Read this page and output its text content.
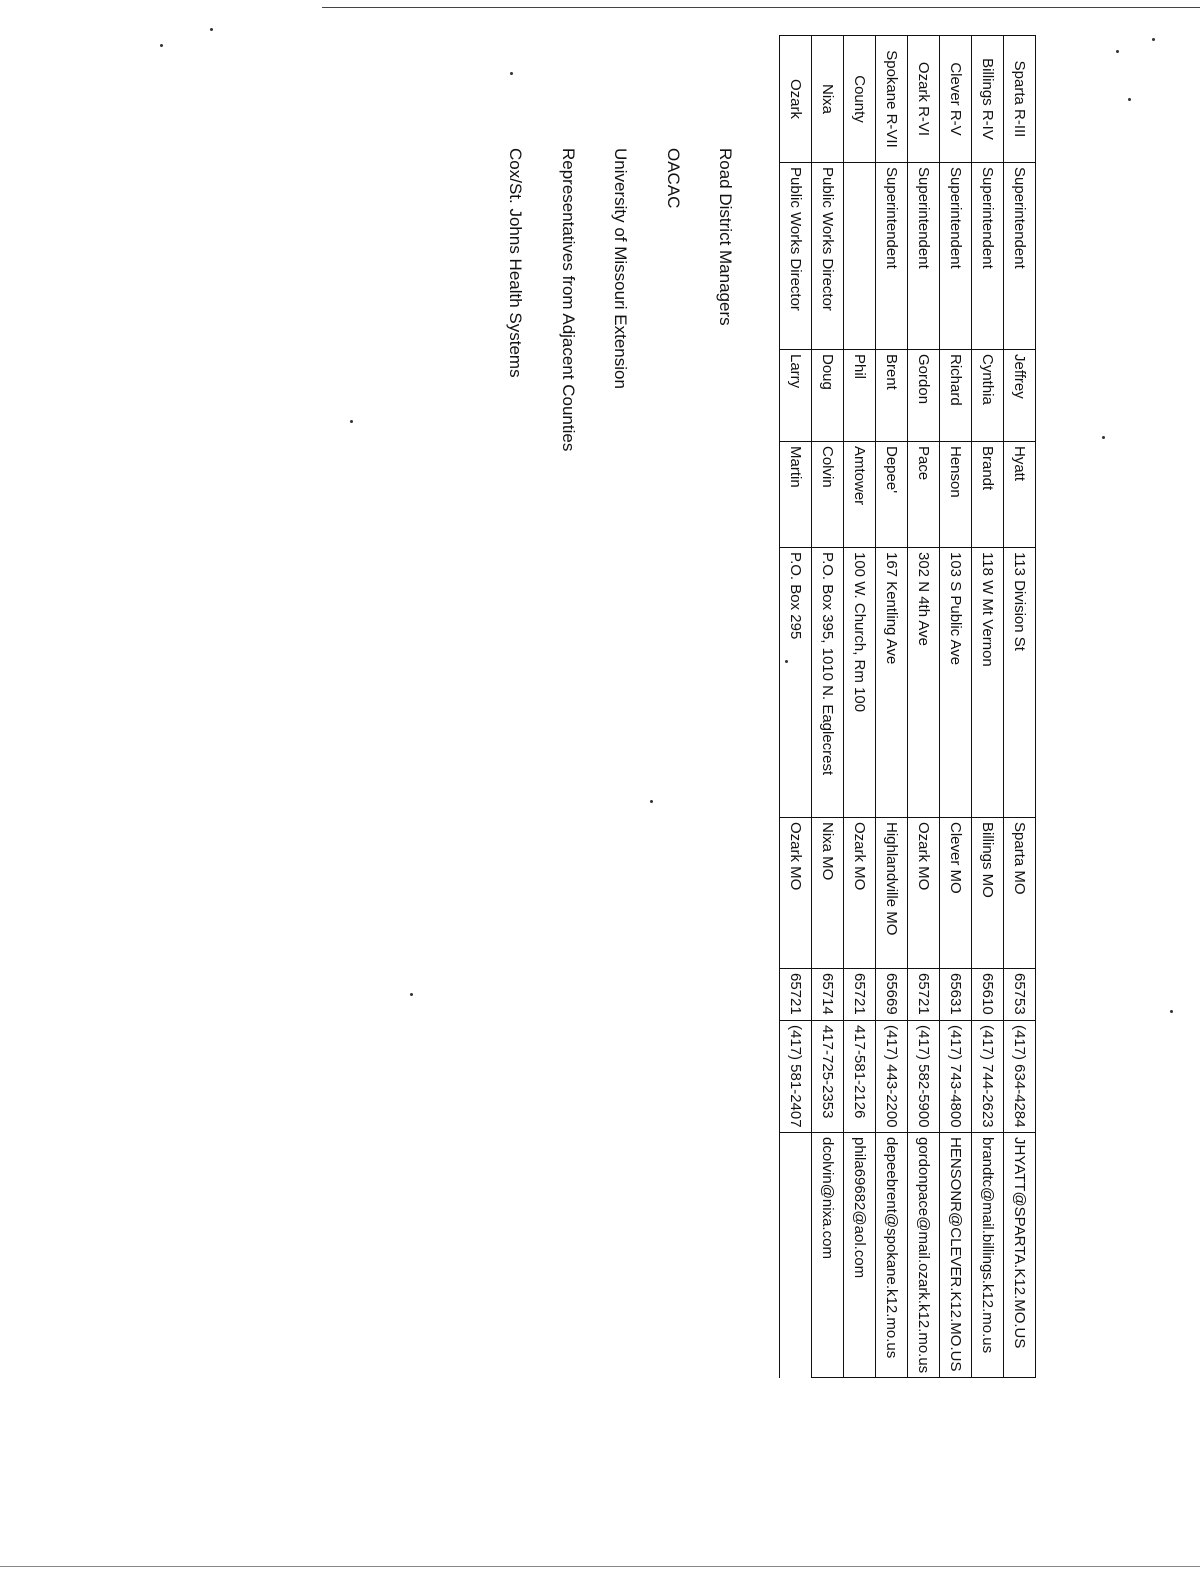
Sparta R-III	Superintendent	Jeffrey	Hyatt	113 Division St	Sparta MO	65753	(417) 634-4284	JHYATT@SPARTA.K12.MO.US
Billings R-IV	Superintendent	Cynthia	Brandt	118 W Mt Vernon	Billings MO	65610	(417) 744-2623	brandtc@mail.billings.k12.mo.us
Clever R-V	Superintendent	Richard	Henson	103 S Public Ave	Clever MO	65631	(417) 743-4800	HENSONR@CLEVER.K12.MO.US
Ozark R-VI	Superintendent	Gordon	Pace	302 N 4th Ave	Ozark MO	65721	(417) 582-5900	gordonpace@mail.ozark.k12.mo.us
Spokane R-VII	Superintendent	Brent	Depee'	167 Kentling Ave	Highlandville MO	65669	(417) 443-2200	depeebrent@spokane.k12.mo.us
County		Phil	Amtower	100 W. Church, Rm 100	Ozark MO	65721	417-581-2126	phila69682@aol.com
Nixa	Public Works Director	Doug	Colvin	P.O. Box 395, 1010 N. Eaglecrest	Nixa MO	65714	417-725-2353	dcolvin@nixa.com
Ozark	Public Works Director	Larry	Martin	P.O. Box 295	Ozark MO	65721	(417) 581-2407	
Road District Managers
OACAC
University of Missouri Extension
Representatives from Adjacent Counties
Cox/St. Johns Health Systems
